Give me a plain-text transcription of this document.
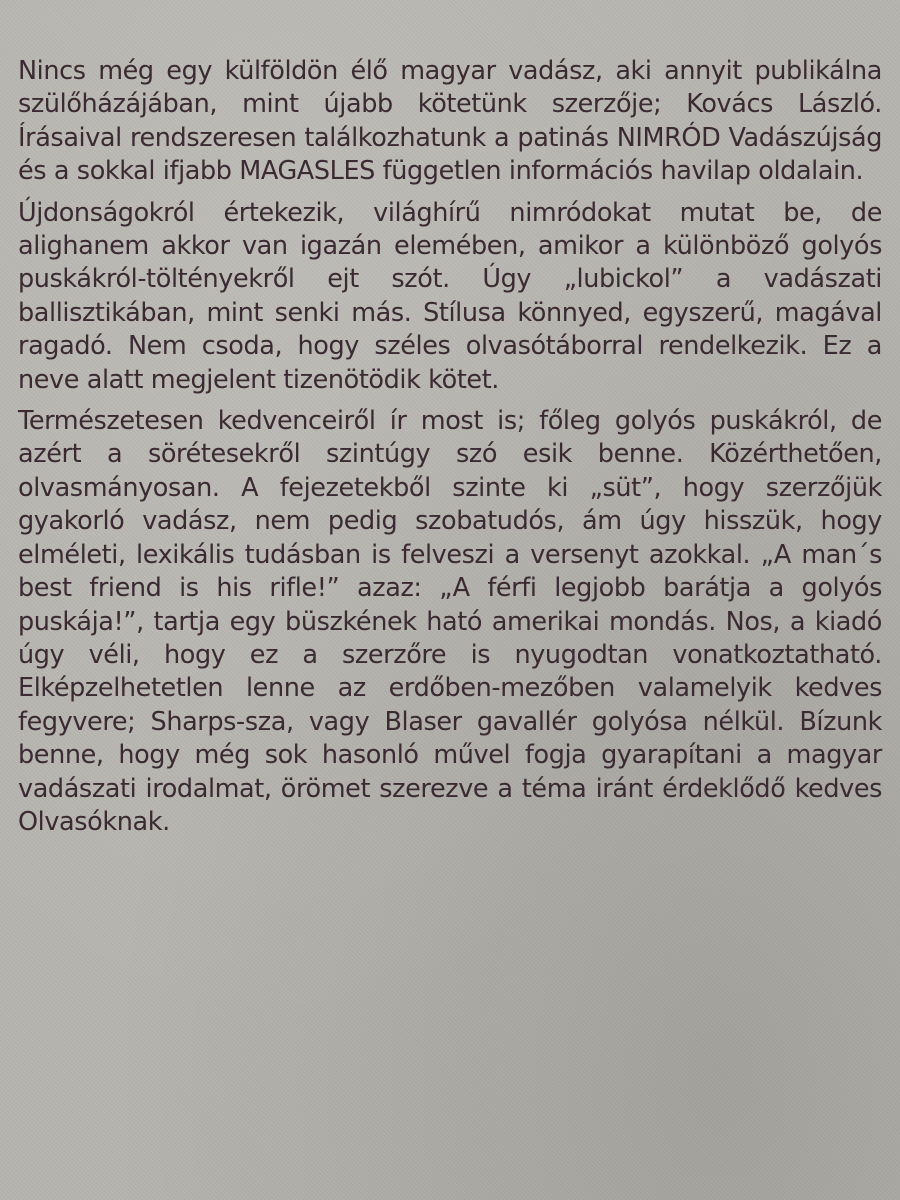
Nincs még egy külföldön élő magyar vadász, aki annyit publikálna szülőházájában, mint újabb kötetünk szerzője; Kovács László. Írásaival rendszeresen találkozhatunk a patinás NIMRÓD Vadászújság és a sokkal ifjabb MAGASLES független információs havilap oldalain.

Újdonságokról értekezik, világhírű nimródokat mutat be, de alighanem akkor van igazán elemében, amikor a különböző golyós puskákról-töltényekről ejt szót. Úgy „lubickol” a vadászati ballisztikában, mint senki más. Stílusa könnyed, egyszerű, magával ragadó. Nem csoda, hogy széles olvasótáborral rendelkezik. Ez a neve alatt megjelent tizenötödik kötet.

Természetesen kedvenceiről ír most is; főleg golyós puskákról, de azért a sörétesekről szintúgy szó esik benne. Közérthetően, olvasmányosan. A fejezetekből szinte ki „süt”, hogy szerzőjük gyakorló vadász, nem pedig szobatudós, ám úgy hisszük, hogy elméleti, lexikális tudásban is felveszi a versenyt azokkal. „A man´s best friend is his rifle!” azaz: „A férfi legjobb barátja a golyós puskája!”, tartja egy büszkének ható amerikai mondás. Nos, a kiadó úgy véli, hogy ez a szerzőre is nyugodtan vonatkoztatható. Elképzelhetetlen lenne az erdőben-mezőben valamelyik kedves fegyvere; Sharps-sza, vagy Blaser gavallér golyósa nélkül. Bízunk benne, hogy még sok hasonló művel fogja gyarapítani a magyar vadászati irodalmat, örömet szerezve a téma iránt érdeklődő kedves Olvasóknak.
